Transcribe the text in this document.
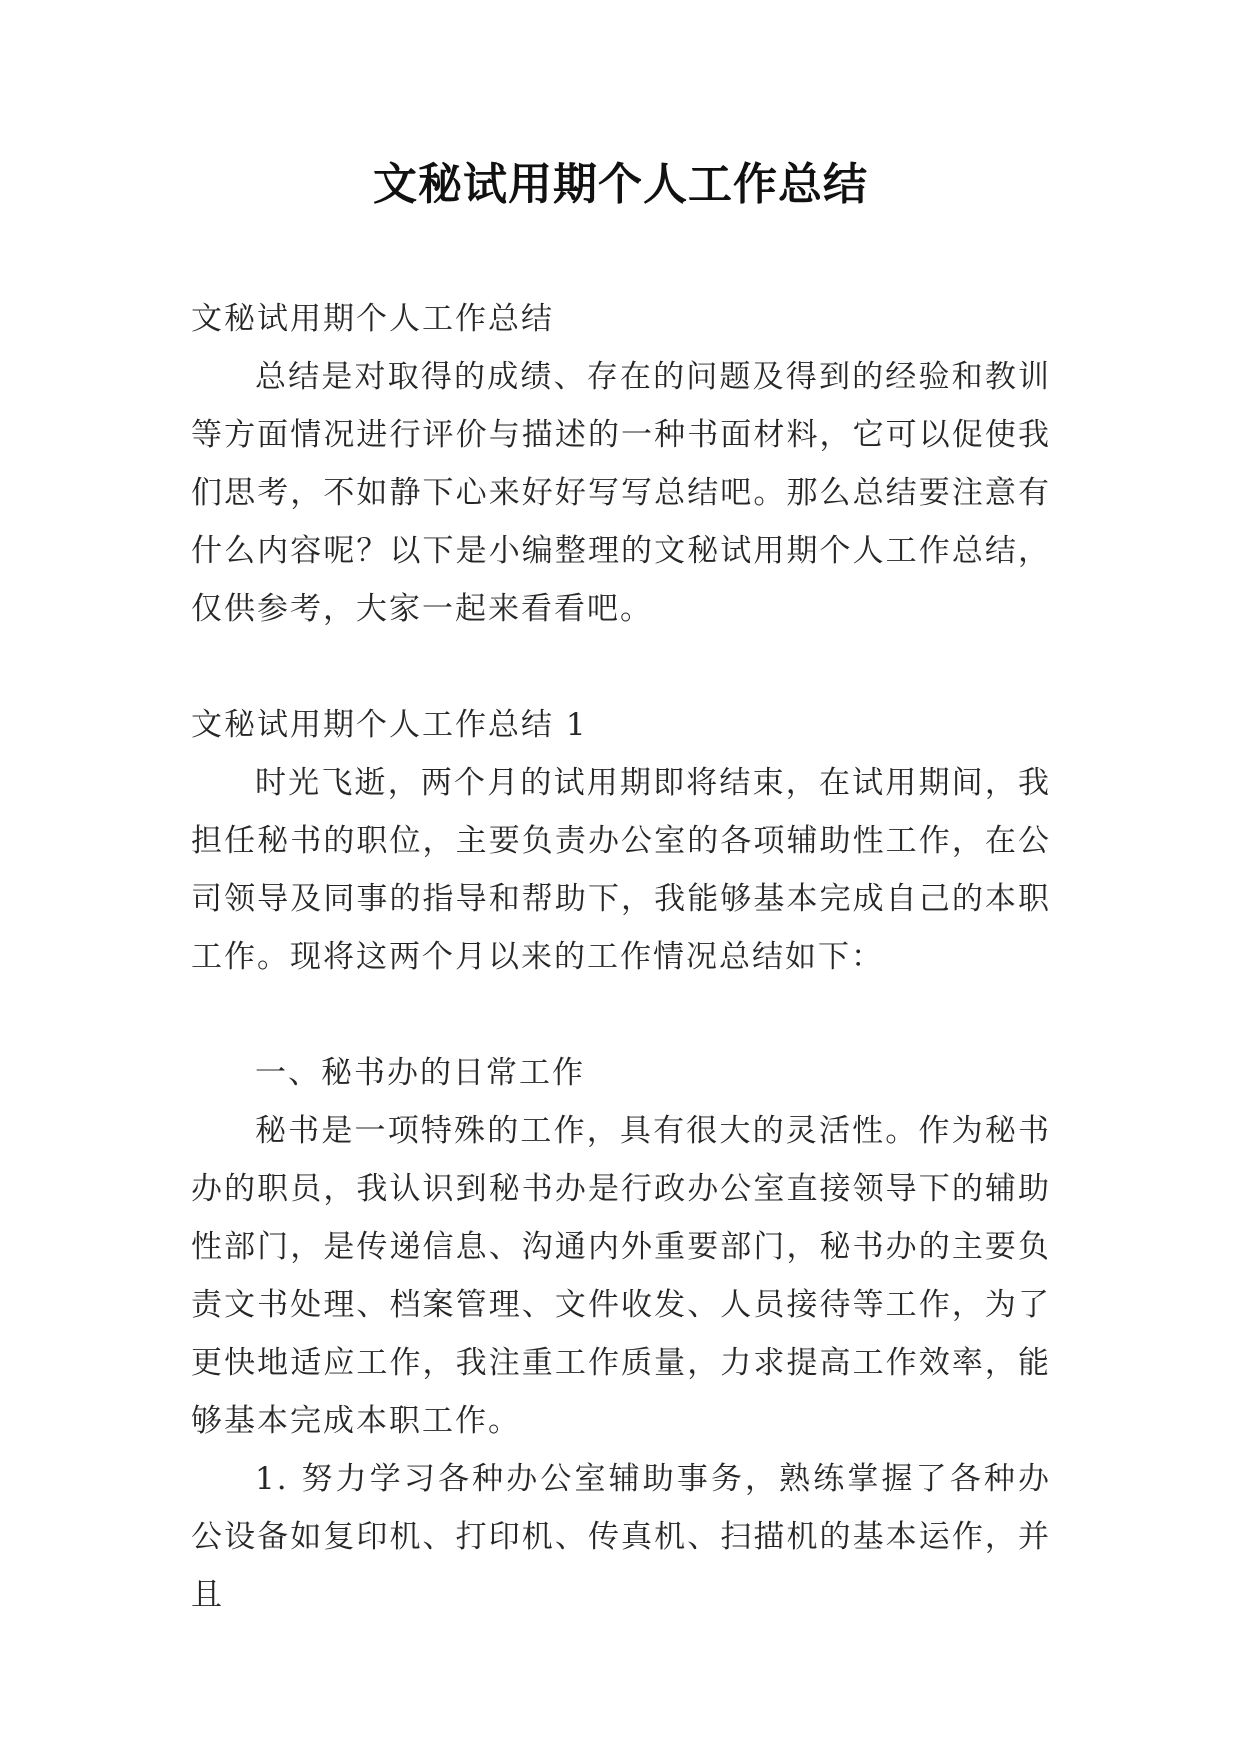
文秘试用期个人工作总结

文秘试用期个人工作总结

总结是对取得的成绩、存在的问题及得到的经验和教训等方面情况进行评价与描述的一种书面材料，它可以促使我们思考，不如静下心来好好写写总结吧。那么总结要注意有什么内容呢？以下是小编整理的文秘试用期个人工作总结，仅供参考，大家一起来看看吧。

文秘试用期个人工作总结 1

时光飞逝，两个月的试用期即将结束，在试用期间，我担任秘书的职位，主要负责办公室的各项辅助性工作，在公司领导及同事的指导和帮助下，我能够基本完成自己的本职工作。现将这两个月以来的工作情况总结如下：

一、秘书办的日常工作

秘书是一项特殊的工作，具有很大的灵活性。作为秘书办的职员，我认识到秘书办是行政办公室直接领导下的辅助性部门，是传递信息、沟通内外重要部门，秘书办的主要负责文书处理、档案管理、文件收发、人员接待等工作，为了更快地适应工作，我注重工作质量，力求提高工作效率，能够基本完成本职工作。

1. 努力学习各种办公室辅助事务，熟练掌握了各种办公设备如复印机、打印机、传真机、扫描机的基本运作，并且
